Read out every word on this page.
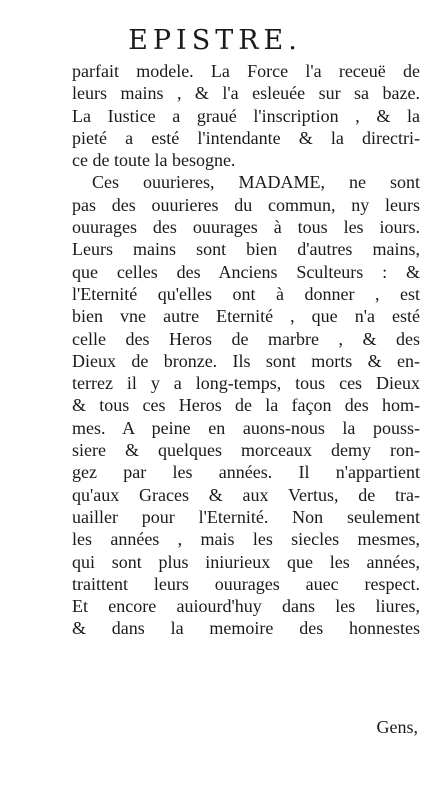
EPISTRE.
parfait modele. La Force l'a receuë de
leurs mains , & l'a esleuée sur sa baze.
La Iustice a graué l'inscription , & la
pieté a esté l'intendante & la directri-
ce de toute la besogne.
Ces ouurieres, MADAME, ne sont
pas des ouurieres du commun, ny leurs
ouurages des ouurages à tous les iours.
Leurs mains sont bien d'autres mains,
que celles des Anciens Sculteurs : &
l'Eternité qu'elles ont à donner , est
bien vne autre Eternité , que n'a esté
celle des Heros de marbre , & des
Dieux de bronze. Ils sont morts & en-
terrez il y a long-temps, tous ces Dieux
& tous ces Heros de la façon des hom-
mes. A peine en auons-nous la pouss-
siere & quelques morceaux demy ron-
gez par les années. Il n'appartient
qu'aux Graces & aux Vertus, de tra-
uailler pour l'Eternité. Non seulement
les années , mais les siecles mesmes,
qui sont plus iniurieux que les années,
traittent leurs ouurages auec respect.
Et encore auiourd'huy dans les liures,
& dans la memoire des honnestes
Gens,
